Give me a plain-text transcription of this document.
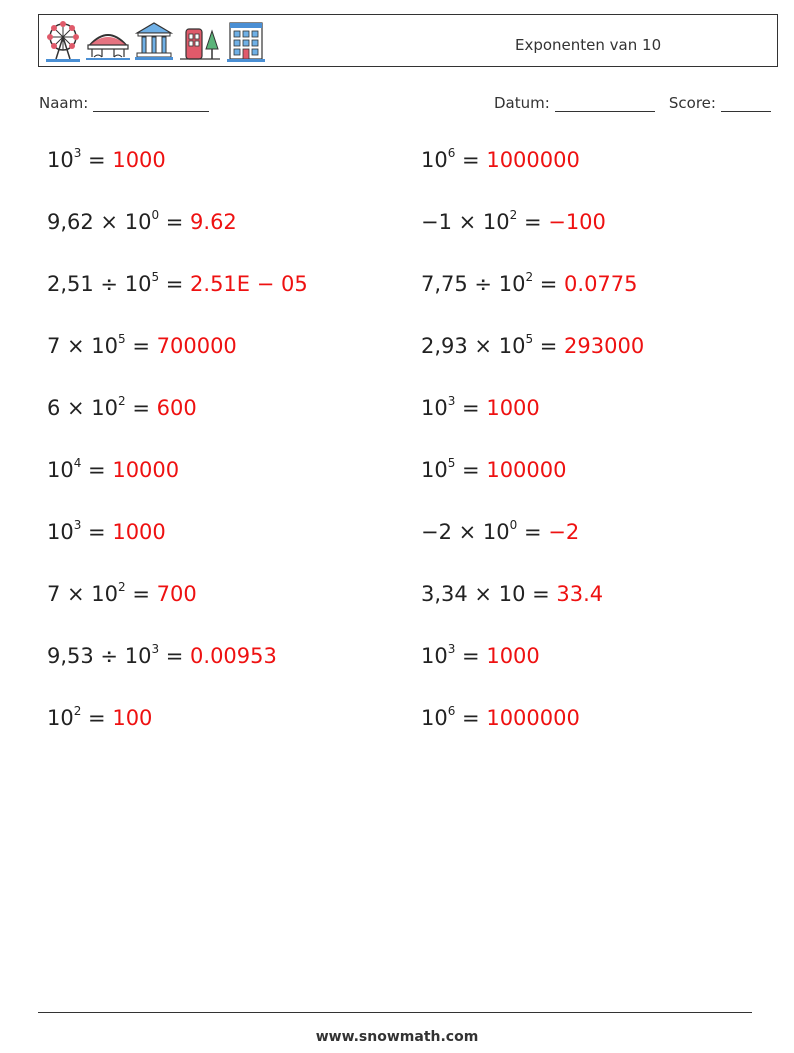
Exponenten van 10
Naam:	Datum:	Score:
$10^3 = 1000$	$10^6 = 1000000$
$9,62 \times 10^0 = 9.62$	$-1 \times 10^2 = -100$
$2,51 \div 10^5 = 2.51E - 05$	$7,75 \div 10^2 = 0.0775$
$7 \times 10^5 = 700000$	$2,93 \times 10^5 = 293000$
$6 \times 10^2 = 600$	$10^3 = 1000$
$10^4 = 10000$	$10^5 = 100000$
$10^3 = 1000$	$-2 \times 10^0 = -2$
$7 \times 10^2 = 700$	3,34 × 10 = 33.4
$9,53 \div 10^3 = 0.00953$	$10^3 = 1000$
$10^2 = 100$	$10^6 = 1000000$
www.snowmath.com
